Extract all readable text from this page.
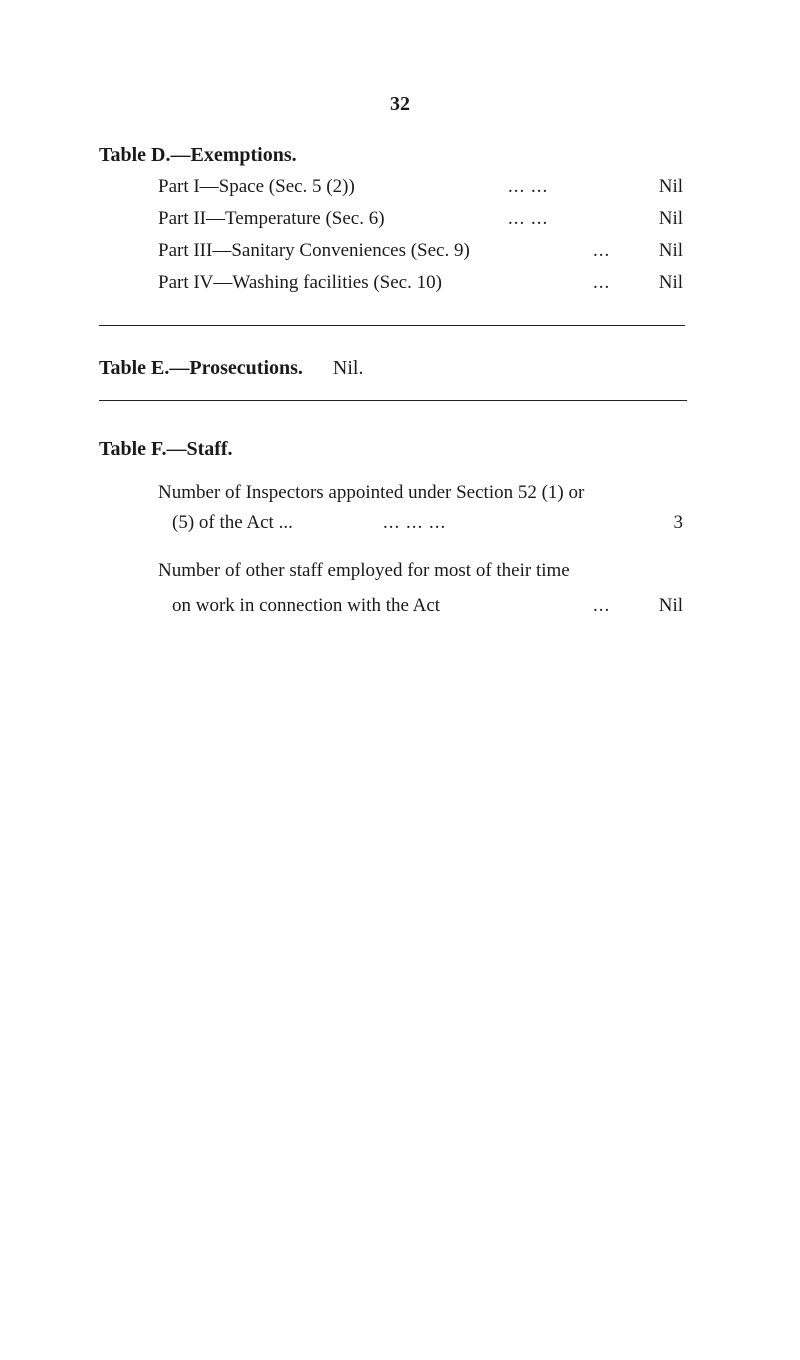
32
Table D.—Exemptions.
Part I—Space (Sec. 5 (2))	... ...	Nil
Part II—Temperature (Sec. 6)	... ...	Nil
Part III—Sanitary Conveniences (Sec. 9)	...	Nil
Part IV—Washing facilities (Sec. 10)	...	Nil
Table E.—Prosecutions. Nil.
Table F.—Staff.
Number of Inspectors appointed under Section 52 (1) or
(5) of the Act ...	... ... ...	3
Number of other staff employed for most of their time
on work in connection with the Act	...	Nil
